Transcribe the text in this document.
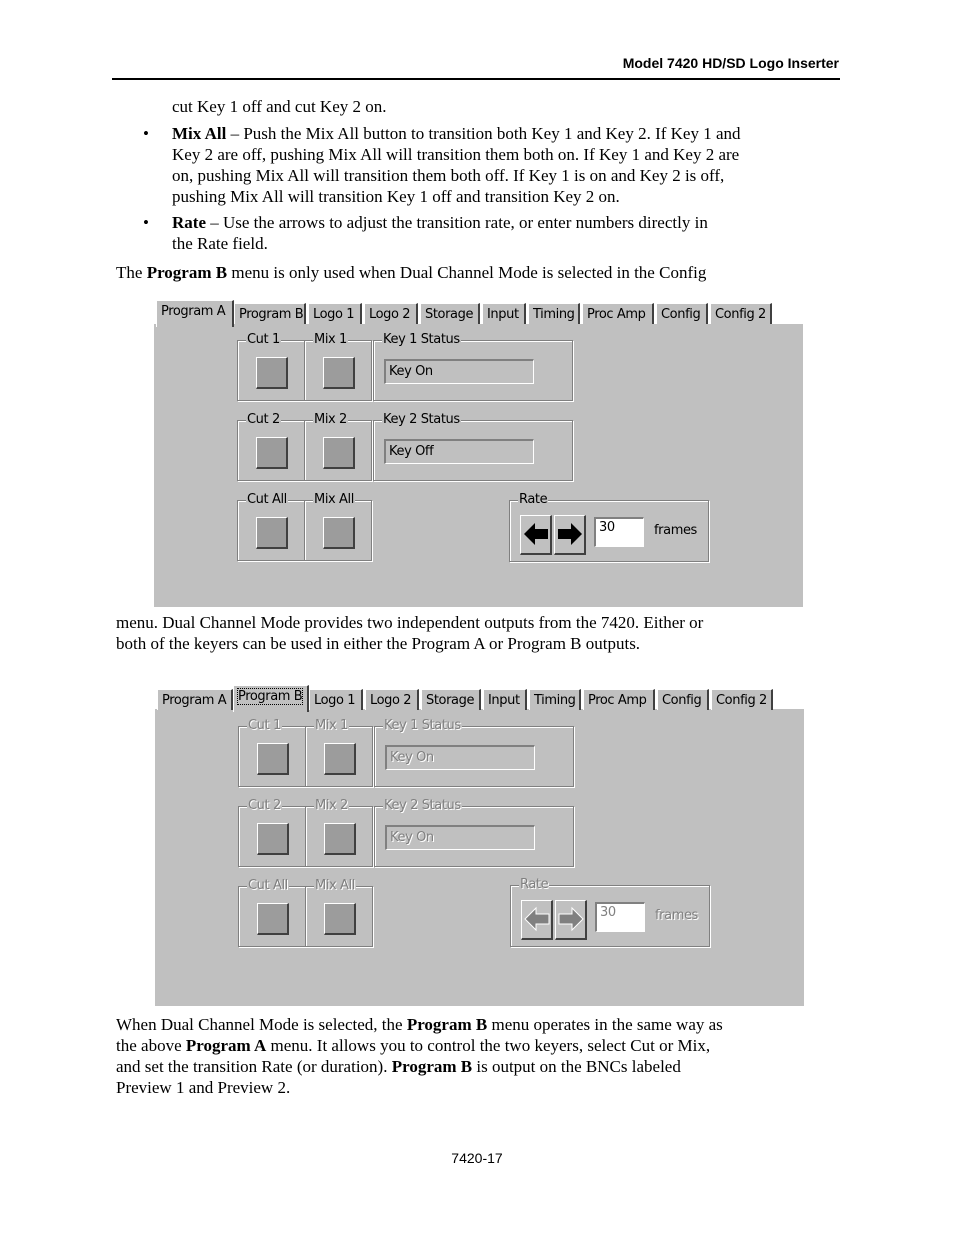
Model 7420 HD/SD Logo Inserter

cut Key 1 off and cut Key 2 on.

• Mix All – Push the Mix All button to transition both Key 1 and Key 2. If Key 1 and
Key 2 are off, pushing Mix All will transition them both on. If Key 1 and Key 2 are
on, pushing Mix All will transition them both off. If Key 1 is on and Key 2 is off,
pushing Mix All will transition Key 1 off and transition Key 2 on.

• Rate – Use the arrows to adjust the transition rate, or enter numbers directly in
the Rate field.

The Program B menu is only used when Dual Channel Mode is selected in the Config

Program A	Program B Logo 1	Logo 2	Storage	Input	Timing Proc Amp	Config	Config 2
Cut 1	Mix 1	Key 1 Status
Key On
Cut 2	Mix 2	Key 2 Status
Key Off
Cut All Mix All	Rate
30	frames

menu. Dual Channel Mode provides two independent outputs from the 7420. Either or
both of the keyers can be used in either the Program A or Program B outputs.

Program A Program B Logo 1	Logo 2	Storage	Input	Timing Proc Amp	Config	Config 2
Cut 1	Mix 1	Key 1 Status
Key On
Cut 2	Mix 2	Key 2 Status
Key On
Cut All Mix All	Rate
30	frames

When Dual Channel Mode is selected, the Program B menu operates in the same way as
the above Program A menu. It allows you to control the two keyers, select Cut or Mix,
and set the transition Rate (or duration). Program B is output on the BNCs labeled
Preview 1 and Preview 2.

7420-17
